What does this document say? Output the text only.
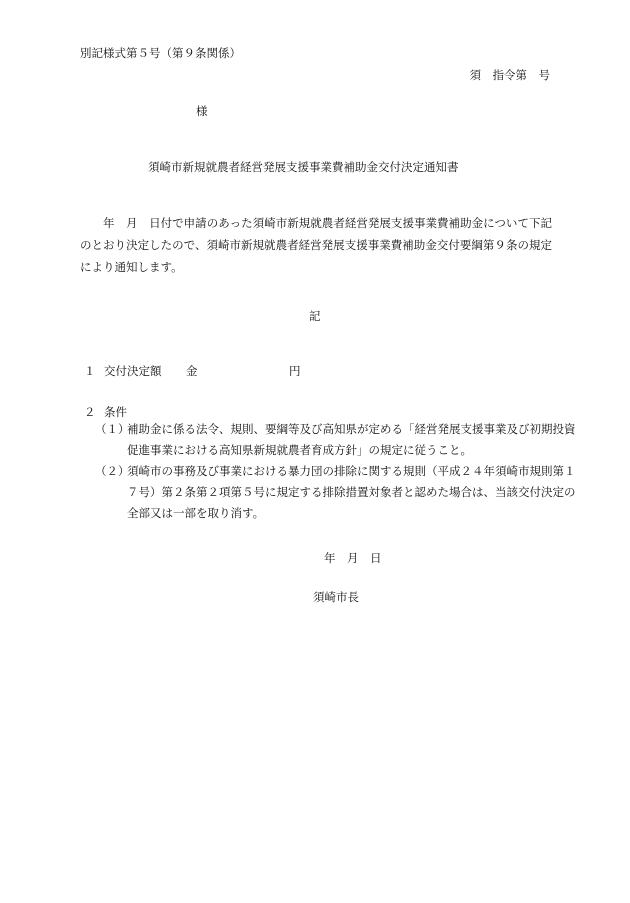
別記様式第５号（第９条関係）
須　指令第　号
様
須崎市新規就農者経営発展支援事業費補助金交付決定通知書
年　月　日付で申請のあった須崎市新規就農者経営発展支援事業費補助金について下記のとおり決定したので、須崎市新規就農者経営発展支援事業費補助金交付要綱第９条の規定により通知します。
記
１ 交付決定額 金	円
２ 条件
（１）
補助金に係る法令、規則、要綱等及び高知県が定める「経営発展支援事業及び初期投資促進事業における高知県新規就農者育成方針」の規定に従うこと。
（２）
須崎市の事務及び事業における暴力団の排除に関する規則（平成２４年須崎市規則第１７号）第２条第２項第５号に規定する排除措置対象者と認めた場合は、当該交付決定の全部又は一部を取り消す。
年　月　日
須崎市長
